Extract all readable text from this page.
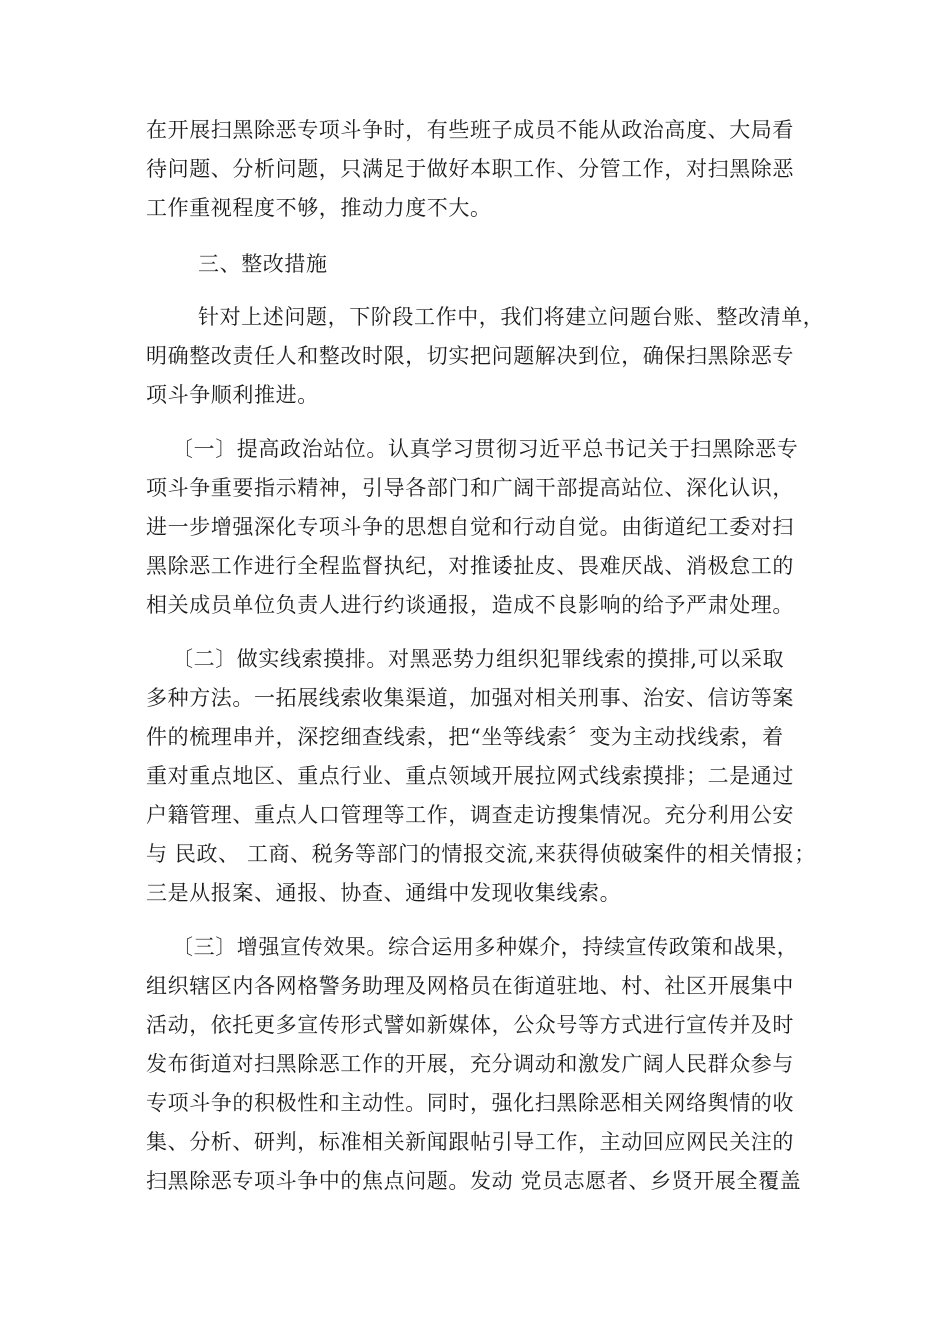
在开展扫黑除恶专项斗争时，有些班子成员不能从政治高度、大局看
待问题、分析问题，只满足于做好本职工作、分管工作，对扫黑除恶
工作重视程度不够，推动力度不大。
三、整改措施
针对上述问题，下阶段工作中，我们将建立问题台账、整改清单，
明确整改责任人和整改时限，切实把问题解决到位，确保扫黑除恶专
项斗争顺利推进。
〔一〕提高政治站位。认真学习贯彻习近平总书记关于扫黑除恶专
项斗争重要指示精神，引导各部门和广阔干部提高站位、深化认识，
进一步增强深化专项斗争的思想自觉和行动自觉。由街道纪工委对扫
黑除恶工作进行全程监督执纪，对推诿扯皮、畏难厌战、消极怠工的
相关成员单位负责人进行约谈通报，造成不良影响的给予严肃处理。
〔二〕做实线索摸排。对黑恶势力组织犯罪线索的摸排,可以采取
多种方法。一拓展线索收集渠道，加强对相关刑事、治安、信访等案
件的梳理串并，深挖细查线索，把“坐等线索〞变为主动找线索，着
重对重点地区、重点行业、重点领域开展拉网式线索摸排；二是通过
户籍管理、重点人口管理等工作，调查走访搜集情况。充分利用公安
与 民政、 工商、税务等部门的情报交流,来获得侦破案件的相关情报；
三是从报案、通报、协查、通缉中发现收集线索。
〔三〕增强宣传效果。综合运用多种媒介，持续宣传政策和战果，
组织辖区内各网格警务助理及网格员在街道驻地、村、社区开展集中
活动，依托更多宣传形式譬如新媒体，公众号等方式进行宣传并及时
发布街道对扫黑除恶工作的开展，充分调动和激发广阔人民群众参与
专项斗争的积极性和主动性。同时，强化扫黑除恶相关网络舆情的收
集、分析、研判，标准相关新闻跟帖引导工作，主动回应网民关注的
扫黑除恶专项斗争中的焦点问题。发动 党员志愿者、乡贤开展全覆盖
